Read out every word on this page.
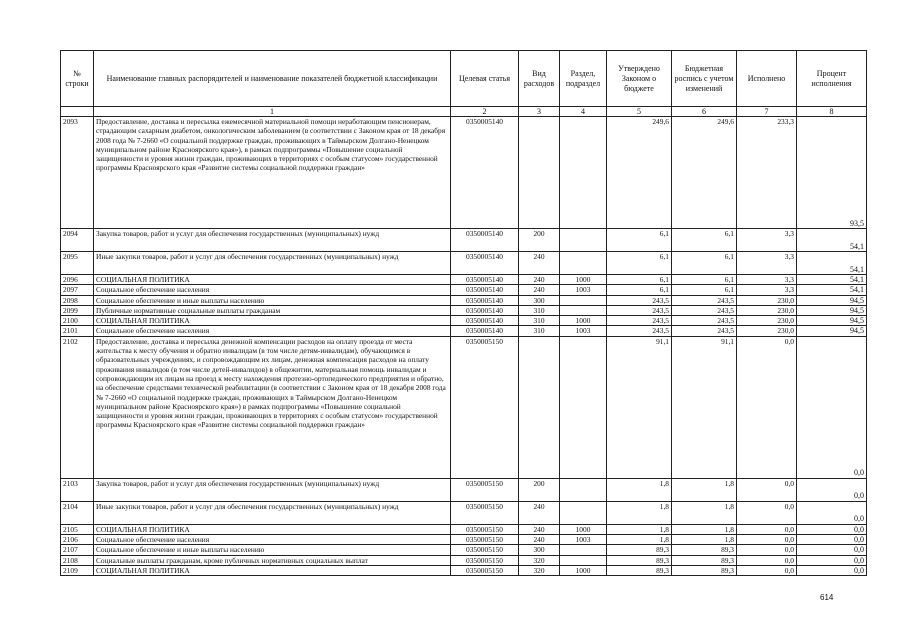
№ строки	Наименование главных распорядителей и наименование показателей бюджетной классификации	Целевая статья	Вид расходов	Раздел, подраздел	Утверждено Законом о бюджете	Бюджетная роспись с учетом изменений	Исполнено	Процент исполнения
	1	2	3	4	5	6	7	8
2093	Предоставление, доставка и пересылка ежемесячной материальной помощи неработающим пенсионерам, страдающим сахарным диабетом, онкологическим заболеванием (в соответствии с Законом края от 18 декабря 2008 года № 7-2660 «О социальной поддержке граждан, проживающих в Таймырском Долгано-Ненецком муниципальном районе Красноярского края»), в рамках подпрограммы «Повышение социальной защищенности и уровня жизни граждан, проживающих в территориях с особым статусом» государственной программы Красноярского края «Развитие системы социальной поддержки граждан»	0350005140			249,6	249,6	233,3	93,5
2094	Закупка товаров, работ и услуг для обеспечения государственных (муниципальных) нужд	0350005140	200		6,1	6,1	3,3	54,1
2095	Иные закупки товаров, работ и услуг для обеспечения государственных (муниципальных) нужд	0350005140	240		6,1	6,1	3,3	54,1
2096	СОЦИАЛЬНАЯ ПОЛИТИКА	0350005140	240	1000	6,1	6,1	3,3	54,1
2097	Социальное обеспечение населения	0350005140	240	1003	6,1	6,1	3,3	54,1
2098	Социальное обеспечение и иные выплаты населению	0350005140	300		243,5	243,5	230,0	94,5
2099	Публичные нормативные социальные выплаты гражданам	0350005140	310		243,5	243,5	230,0	94,5
2100	СОЦИАЛЬНАЯ ПОЛИТИКА	0350005140	310	1000	243,5	243,5	230,0	94,5
2101	Социальное обеспечение населения	0350005140	310	1003	243,5	243,5	230,0	94,5
2102	Предоставление, доставка и пересылка денежной компенсации расходов на оплату проезда от места жительства к месту обучения и обратно инвалидам (в том числе детям-инвалидам), обучающимся в образовательных учреждениях, и сопровождающим их лицам, денежная компенсация расходов на оплату проживания инвалидов (в том числе детей-инвалидов) в общежитии, материальная помощь инвалидам и сопровождающим их лицам на проезд к месту нахождения протезно-ортопедического предприятия и обратно, на обеспечение средствами технической реабилитации (в соответствии с Законом края от 18 декабря 2008 года № 7-2660 «О социальной поддержке граждан, проживающих в Таймырском Долгано-Ненецком муниципальном районе Красноярского края») в рамках подпрограммы «Повышение социальной защищенности и уровня жизни граждан, проживающих в территориях с особым статусом» государственной программы Красноярского края «Развитие системы социальной поддержки граждан»	0350005150			91,1	91,1	0,0	0,0
2103	Закупка товаров, работ и услуг для обеспечения государственных (муниципальных) нужд	0350005150	200		1,8	1,8	0,0	0,0
2104	Иные закупки товаров, работ и услуг для обеспечения государственных (муниципальных) нужд	0350005150	240		1,8	1,8	0,0	0,0
2105	СОЦИАЛЬНАЯ ПОЛИТИКА	0350005150	240	1000	1,8	1,8	0,0	0,0
2106	Социальное обеспечение населения	0350005150	240	1003	1,8	1,8	0,0	0,0
2107	Социальное обеспечение и иные выплаты населению	0350005150	300		89,3	89,3	0,0	0,0
2108	Социальные выплаты гражданам, кроме публичных нормативных социальных выплат	0350005150	320		89,3	89,3	0,0	0,0
2109	СОЦИАЛЬНАЯ ПОЛИТИКА	0350005150	320	1000	89,3	89,3	0,0	0,0
614
